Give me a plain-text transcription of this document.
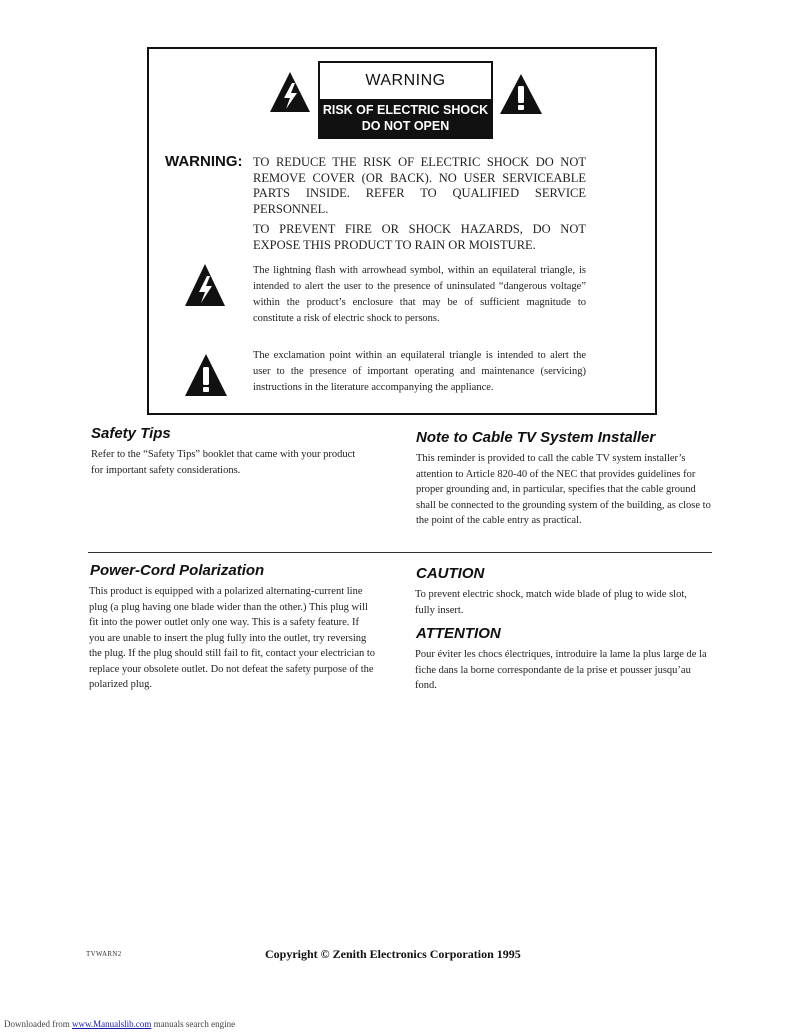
WARNING
RISK OF ELECTRIC SHOCK
DO NOT OPEN
WARNING: TO REDUCE THE RISK OF ELECTRIC SHOCK DO NOT REMOVE COVER (OR BACK). NO USER SERVICEABLE PARTS INSIDE. REFER TO QUALIFIED SERVICE PERSONNEL.
TO PREVENT FIRE OR SHOCK HAZARDS, DO NOT EXPOSE THIS PRODUCT TO RAIN OR MOISTURE.
The lightning flash with arrowhead symbol, within an equilateral triangle, is intended to alert the user to the presence of uninsulated “dangerous voltage” within the product’s enclosure that may be of sufficient magnitude to constitute a risk of electric shock to persons.
The exclamation point within an equilateral triangle is intended to alert the user to the presence of important operating and maintenance (servicing) instructions in the literature accompanying the appliance.
Safety Tips
Refer to the “Safety Tips” booklet that came with your product for important safety considerations.
Note to Cable TV System Installer
This reminder is provided to call the cable TV system installer’s attention to Article 820-40 of the NEC that provides guidelines for proper grounding and, in particular, specifies that the cable ground shall be connected to the grounding system of the building, as close to the point of the cable entry as practical.
Power-Cord Polarization
This product is equipped with a polarized alternating-current line plug (a plug having one blade wider than the other.) This plug will fit into the power outlet only one way. This is a safety feature. If you are unable to insert the plug fully into the outlet, try reversing the plug. If the plug should still fail to fit, contact your electrician to replace your obsolete outlet. Do not defeat the safety purpose of the polarized plug.
CAUTION
To prevent electric shock, match wide blade of plug to wide slot, fully insert.
ATTENTION
Pour éviter les chocs électriques, introduire la lame la plus large de la fiche dans la borne correspondante de la prise et pousser jusqu’au fond.
TVWARN2	Copyright © Zenith Electronics Corporation 1995
Downloaded from www.Manualslib.com manuals search engine
